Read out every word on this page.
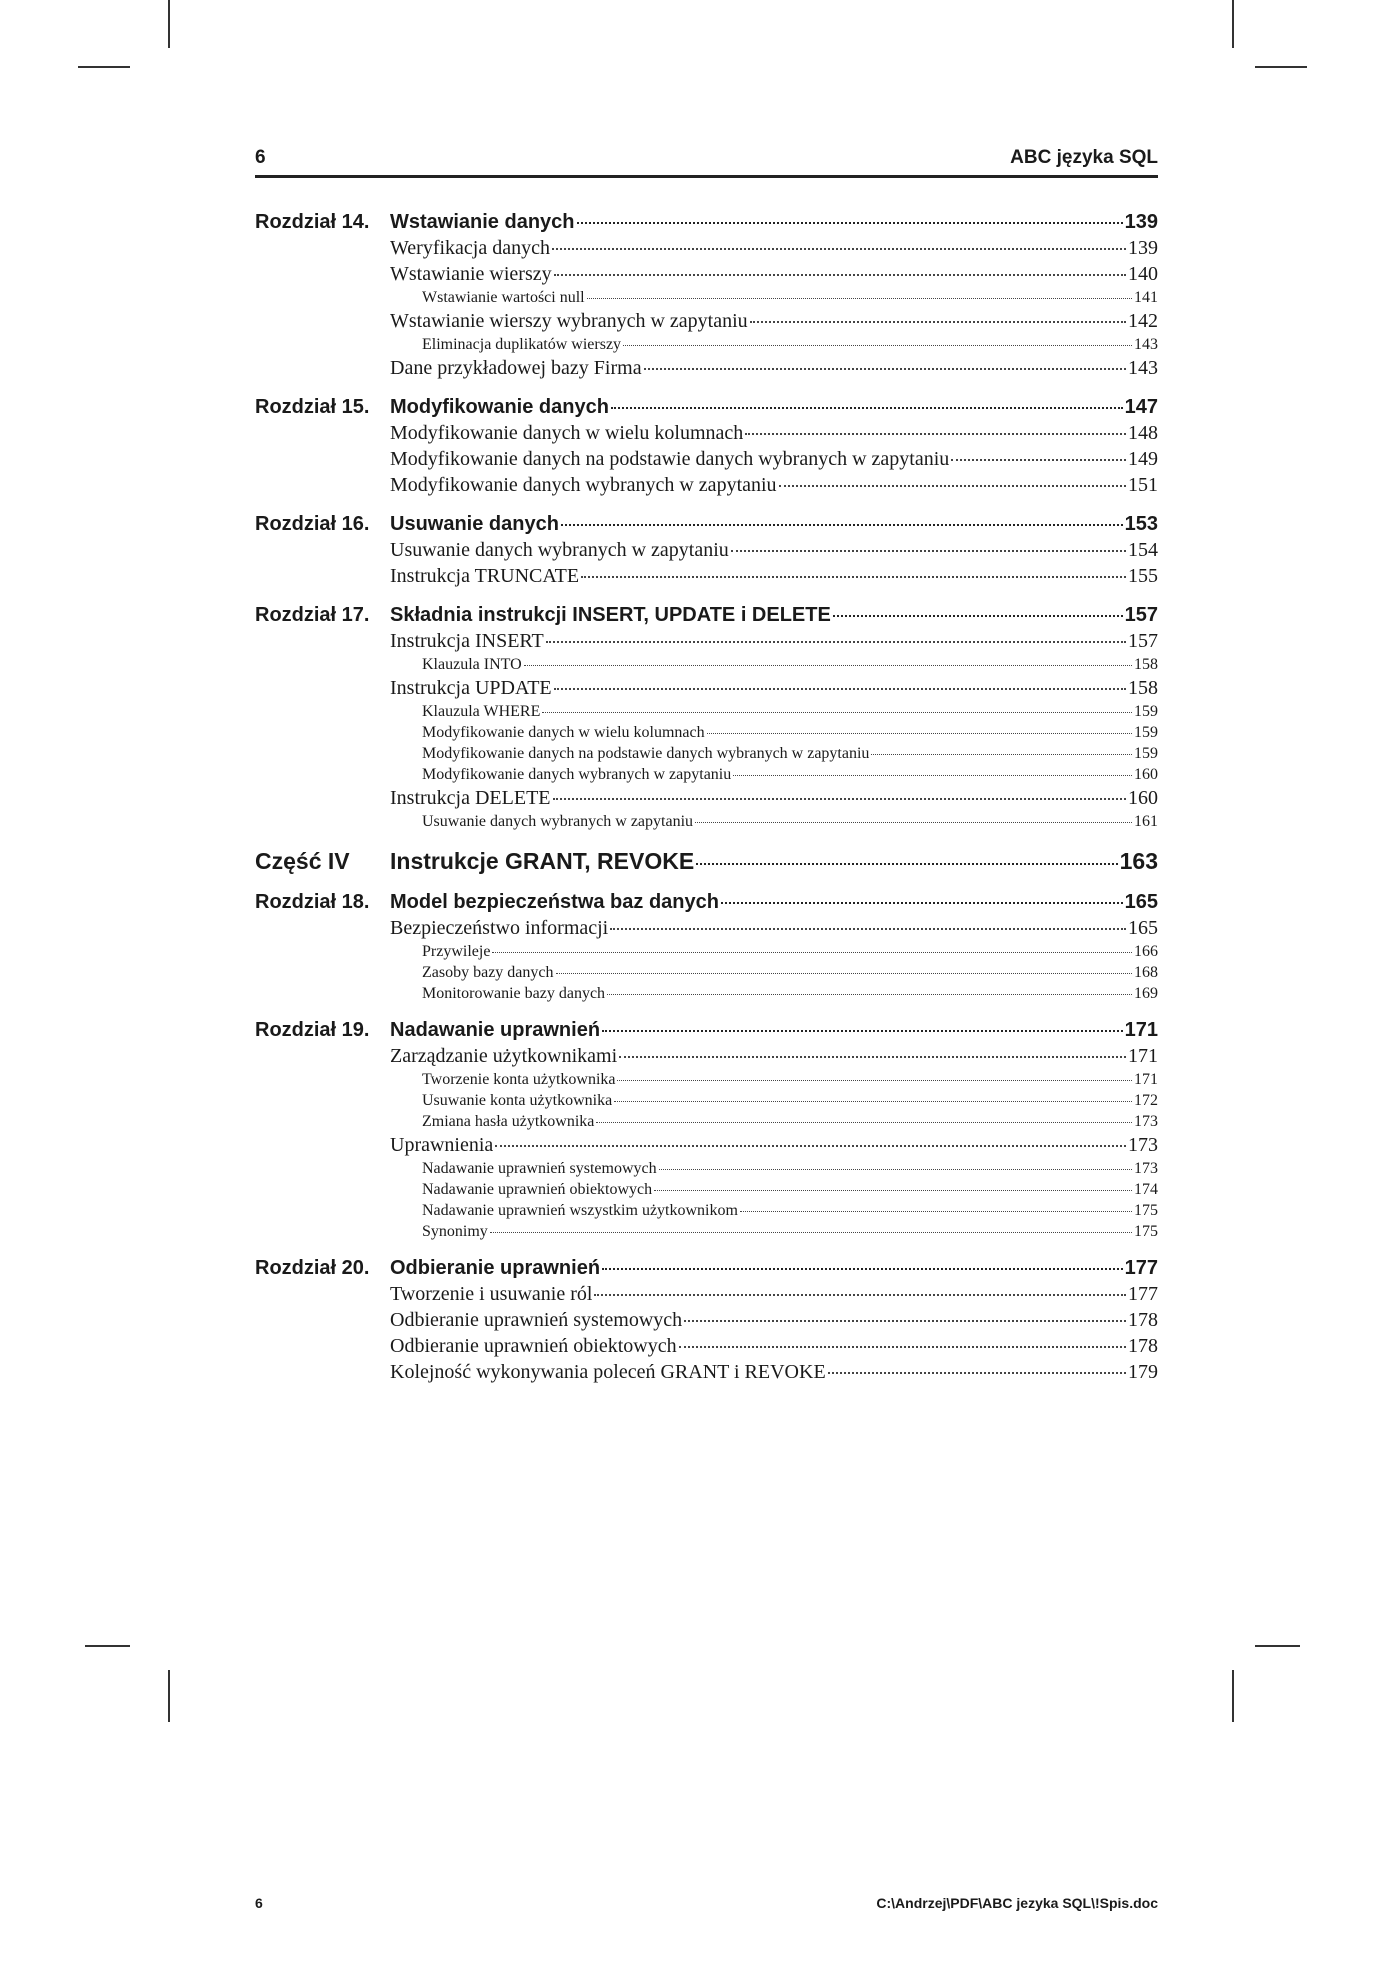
6	ABC języka SQL
Rozdział 14. Wstawianie danych	139
Weryfikacja danych	139
Wstawianie wierszy	140
Wstawianie wartości null	141
Wstawianie wierszy wybranych w zapytaniu	142
Eliminacja duplikatów wierszy	143
Dane przykładowej bazy Firma	143
Rozdział 15. Modyfikowanie danych	147
Modyfikowanie danych w wielu kolumnach	148
Modyfikowanie danych na podstawie danych wybranych w zapytaniu	149
Modyfikowanie danych wybranych w zapytaniu	151
Rozdział 16. Usuwanie danych	153
Usuwanie danych wybranych w zapytaniu	154
Instrukcja TRUNCATE	155
Rozdział 17. Składnia instrukcji INSERT, UPDATE i DELETE	157
Instrukcja INSERT	157
Klauzula INTO	158
Instrukcja UPDATE	158
Klauzula WHERE	159
Modyfikowanie danych w wielu kolumnach	159
Modyfikowanie danych na podstawie danych wybranych w zapytaniu	159
Modyfikowanie danych wybranych w zapytaniu	160
Instrukcja DELETE	160
Usuwanie danych wybranych w zapytaniu	161
Część IV Instrukcje GRANT, REVOKE	163
Rozdział 18. Model bezpieczeństwa baz danych	165
Bezpieczeństwo informacji	165
Przywileje	166
Zasoby bazy danych	168
Monitorowanie bazy danych	169
Rozdział 19. Nadawanie uprawnień	171
Zarządzanie użytkownikami	171
Tworzenie konta użytkownika	171
Usuwanie konta użytkownika	172
Zmiana hasła użytkownika	173
Uprawnienia	173
Nadawanie uprawnień systemowych	173
Nadawanie uprawnień obiektowych	174
Nadawanie uprawnień wszystkim użytkownikom	175
Synonimy	175
Rozdział 20. Odbieranie uprawnień	177
Tworzenie i usuwanie ról	177
Odbieranie uprawnień systemowych	178
Odbieranie uprawnień obiektowych	178
Kolejność wykonywania poleceń GRANT i REVOKE	179
6	C:\Andrzej\PDF\ABC jezyka SQL\!Spis.doc
